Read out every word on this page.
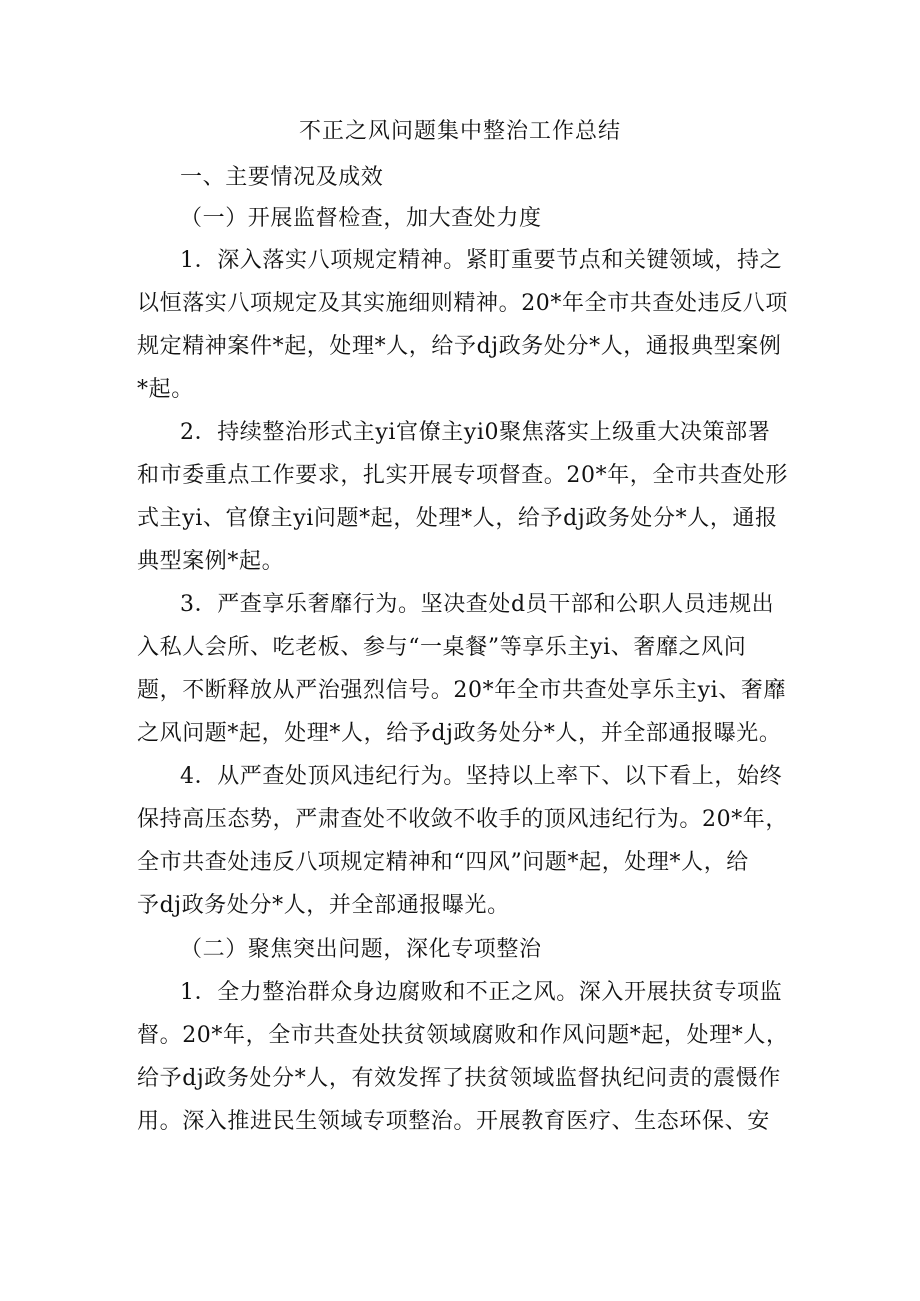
不正之风问题集中整治工作总结
一、主要情况及成效
（一）开展监督检查，加大查处力度
1．深入落实八项规定精神。紧盯重要节点和关键领域，持之
以恒落实八项规定及其实施细则精神。20*年全市共查处违反八项
规定精神案件*起，处理*人，给予dj政务处分*人，通报典型案例
*起。
2．持续整治形式主yi官僚主yi0聚焦落实上级重大决策部署
和市委重点工作要求，扎实开展专项督查。20*年，全市共查处形
式主yi、官僚主yi问题*起，处理*人，给予dj政务处分*人，通报
典型案例*起。
3．严查享乐奢靡行为。坚决查处d员干部和公职人员违规出
入私人会所、吃老板、参与“一桌餐”等享乐主yi、奢靡之风问
题，不断释放从严治强烈信号。20*年全市共查处享乐主yi、奢靡
之风问题*起，处理*人，给予dj政务处分*人，并全部通报曝光。
4．从严查处顶风违纪行为。坚持以上率下、以下看上，始终
保持高压态势，严肃查处不收敛不收手的顶风违纪行为。20*年，
全市共查处违反八项规定精神和“四风”问题*起，处理*人，给
予dj政务处分*人，并全部通报曝光。
（二）聚焦突出问题，深化专项整治
1．全力整治群众身边腐败和不正之风。深入开展扶贫专项监
督。20*年，全市共查处扶贫领域腐败和作风问题*起，处理*人，
给予dj政务处分*人，有效发挥了扶贫领域监督执纪问责的震慑作
用。深入推进民生领域专项整治。开展教育医疗、生态环保、安
